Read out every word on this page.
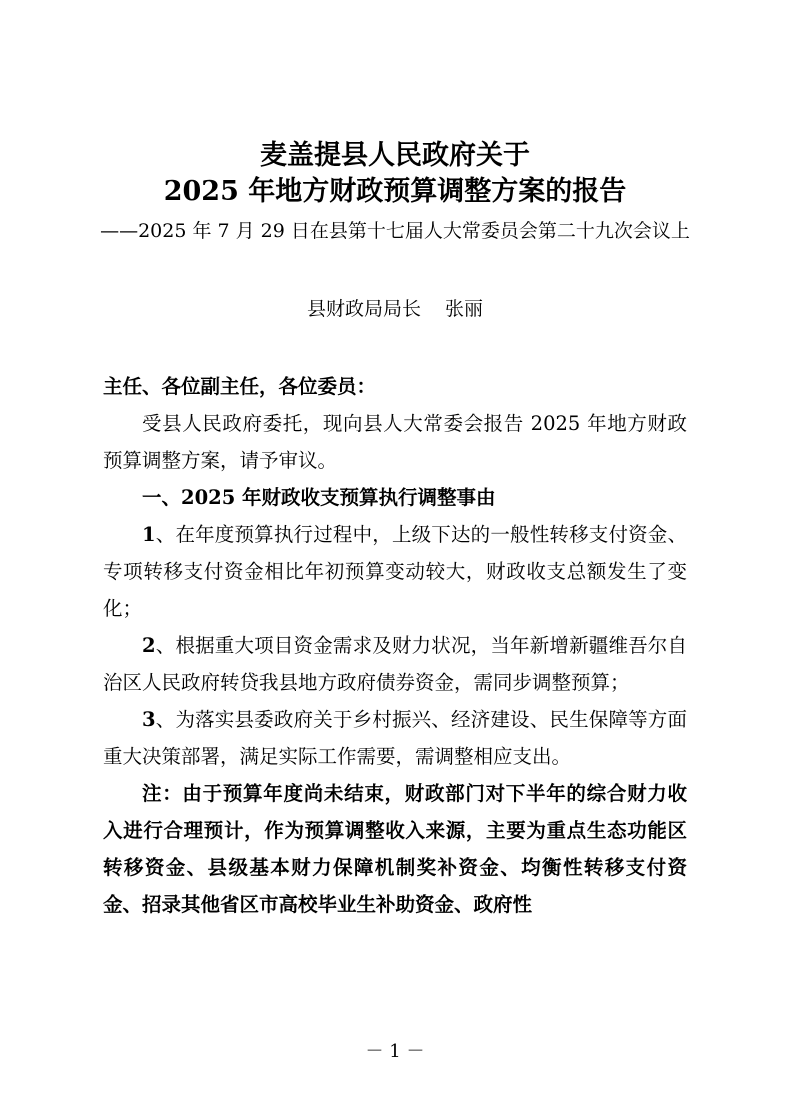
麦盖提县人民政府关于
2025 年地方财政预算调整方案的报告
——2025 年 7 月 29 日在县第十七届人大常委员会第二十九次会议上
县财政局局长 张丽

主任、各位副主任，各位委员：

受县人民政府委托，现向县人大常委会报告 2025 年地方财政预算调整方案，请予审议。

一、2025 年财政收支预算执行调整事由

1、在年度预算执行过程中，上级下达的一般性转移支付资金、专项转移支付资金相比年初预算变动较大，财政收支总额发生了变化；

2、根据重大项目资金需求及财力状况，当年新增新疆维吾尔自治区人民政府转贷我县地方政府债券资金，需同步调整预算；

3、为落实县委政府关于乡村振兴、经济建设、民生保障等方面重大决策部署，满足实际工作需要，需调整相应支出。

注：由于预算年度尚未结束，财政部门对下半年的综合财力收入进行合理预计，作为预算调整收入来源，主要为重点生态功能区转移资金、县级基本财力保障机制奖补资金、均衡性转移支付资金、招录其他省区市高校毕业生补助资金、政府性

－ 1 －
